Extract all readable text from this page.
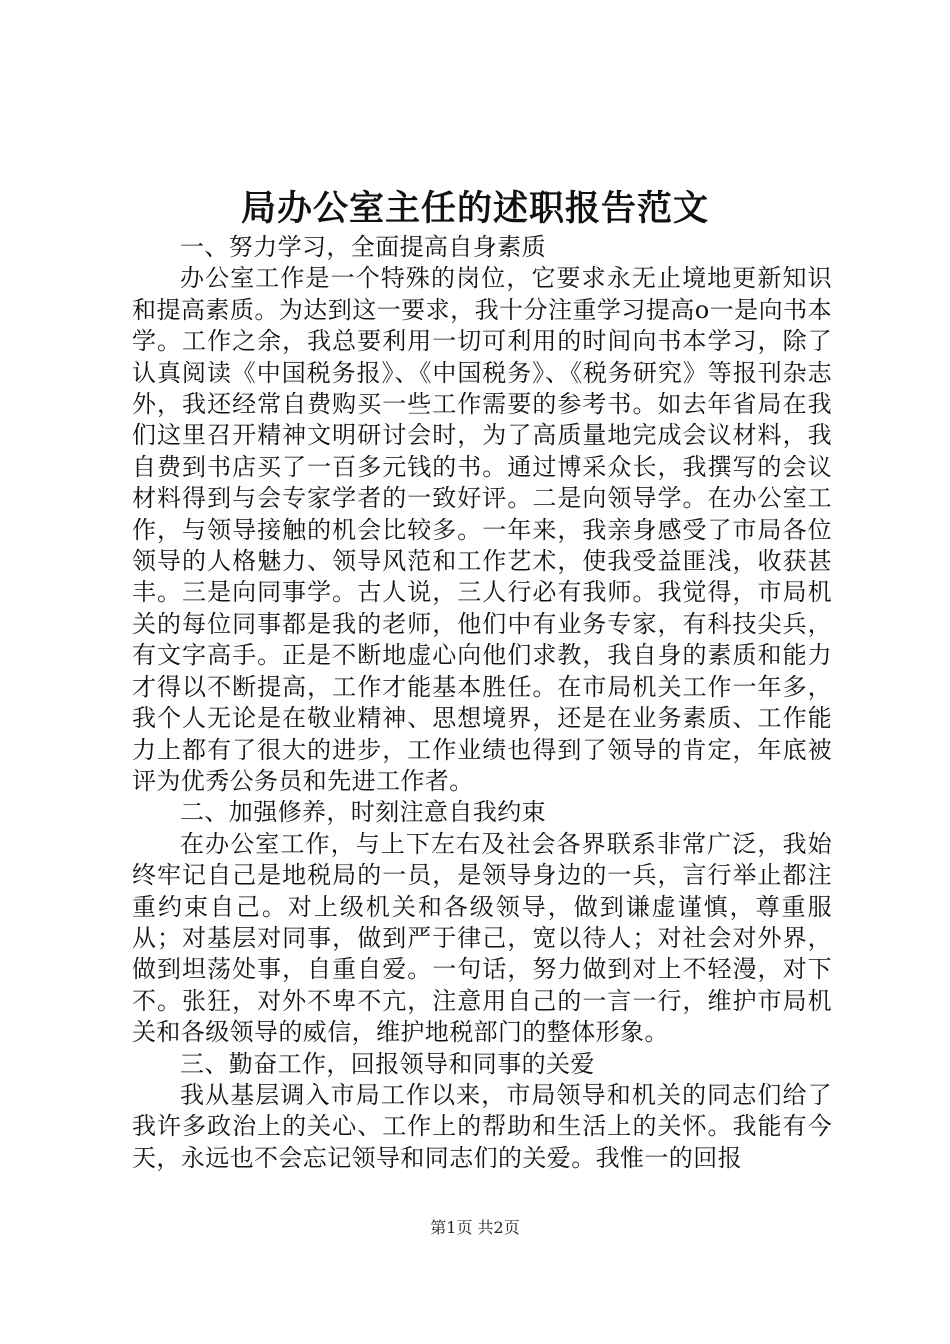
局办公室主任的述职报告范文

一、努力学习，全面提高自身素质

办公室工作是一个特殊的岗位，它要求永无止境地更新知识和提高素质。为达到这一要求，我十分注重学习提高o一是向书本学。工作之余，我总要利用一切可利用的时间向书本学习，除了认真阅读《中国税务报》、《中国税务》、《税务研究》等报刊杂志外，我还经常自费购买一些工作需要的参考书。如去年省局在我们这里召开精神文明研讨会时，为了高质量地完成会议材料，我自费到书店买了一百多元钱的书。通过博采众长，我撰写的会议材料得到与会专家学者的一致好评。二是向领导学。在办公室工作，与领导接触的机会比较多。一年来，我亲身感受了市局各位领导的人格魅力、领导风范和工作艺术，使我受益匪浅，收获甚丰。三是向同事学。古人说，三人行必有我师。我觉得，市局机关的每位同事都是我的老师，他们中有业务专家，有科技尖兵，有文字高手。正是不断地虚心向他们求教，我自身的素质和能力才得以不断提高，工作才能基本胜任。在市局机关工作一年多，我个人无论是在敬业精神、思想境界，还是在业务素质、工作能力上都有了很大的进步，工作业绩也得到了领导的肯定，年底被评为优秀公务员和先进工作者。

二、加强修养，时刻注意自我约束

在办公室工作，与上下左右及社会各界联系非常广泛，我始终牢记自己是地税局的一员，是领导身边的一兵，言行举止都注重约束自己。对上级机关和各级领导，做到谦虚谨慎，尊重服从；对基层对同事，做到严于律己，宽以待人；对社会对外界，做到坦荡处事，自重自爱。一句话，努力做到对上不轻漫，对下不。张狂，对外不卑不亢，注意用自己的一言一行，维护市局机关和各级领导的威信，维护地税部门的整体形象。

三、勤奋工作，回报领导和同事的关爱

我从基层调入市局工作以来，市局领导和机关的同志们给了我许多政治上的关心、工作上的帮助和生活上的关怀。我能有今天，永远也不会忘记领导和同志们的关爱。我惟一的回报

第1页 共2页
